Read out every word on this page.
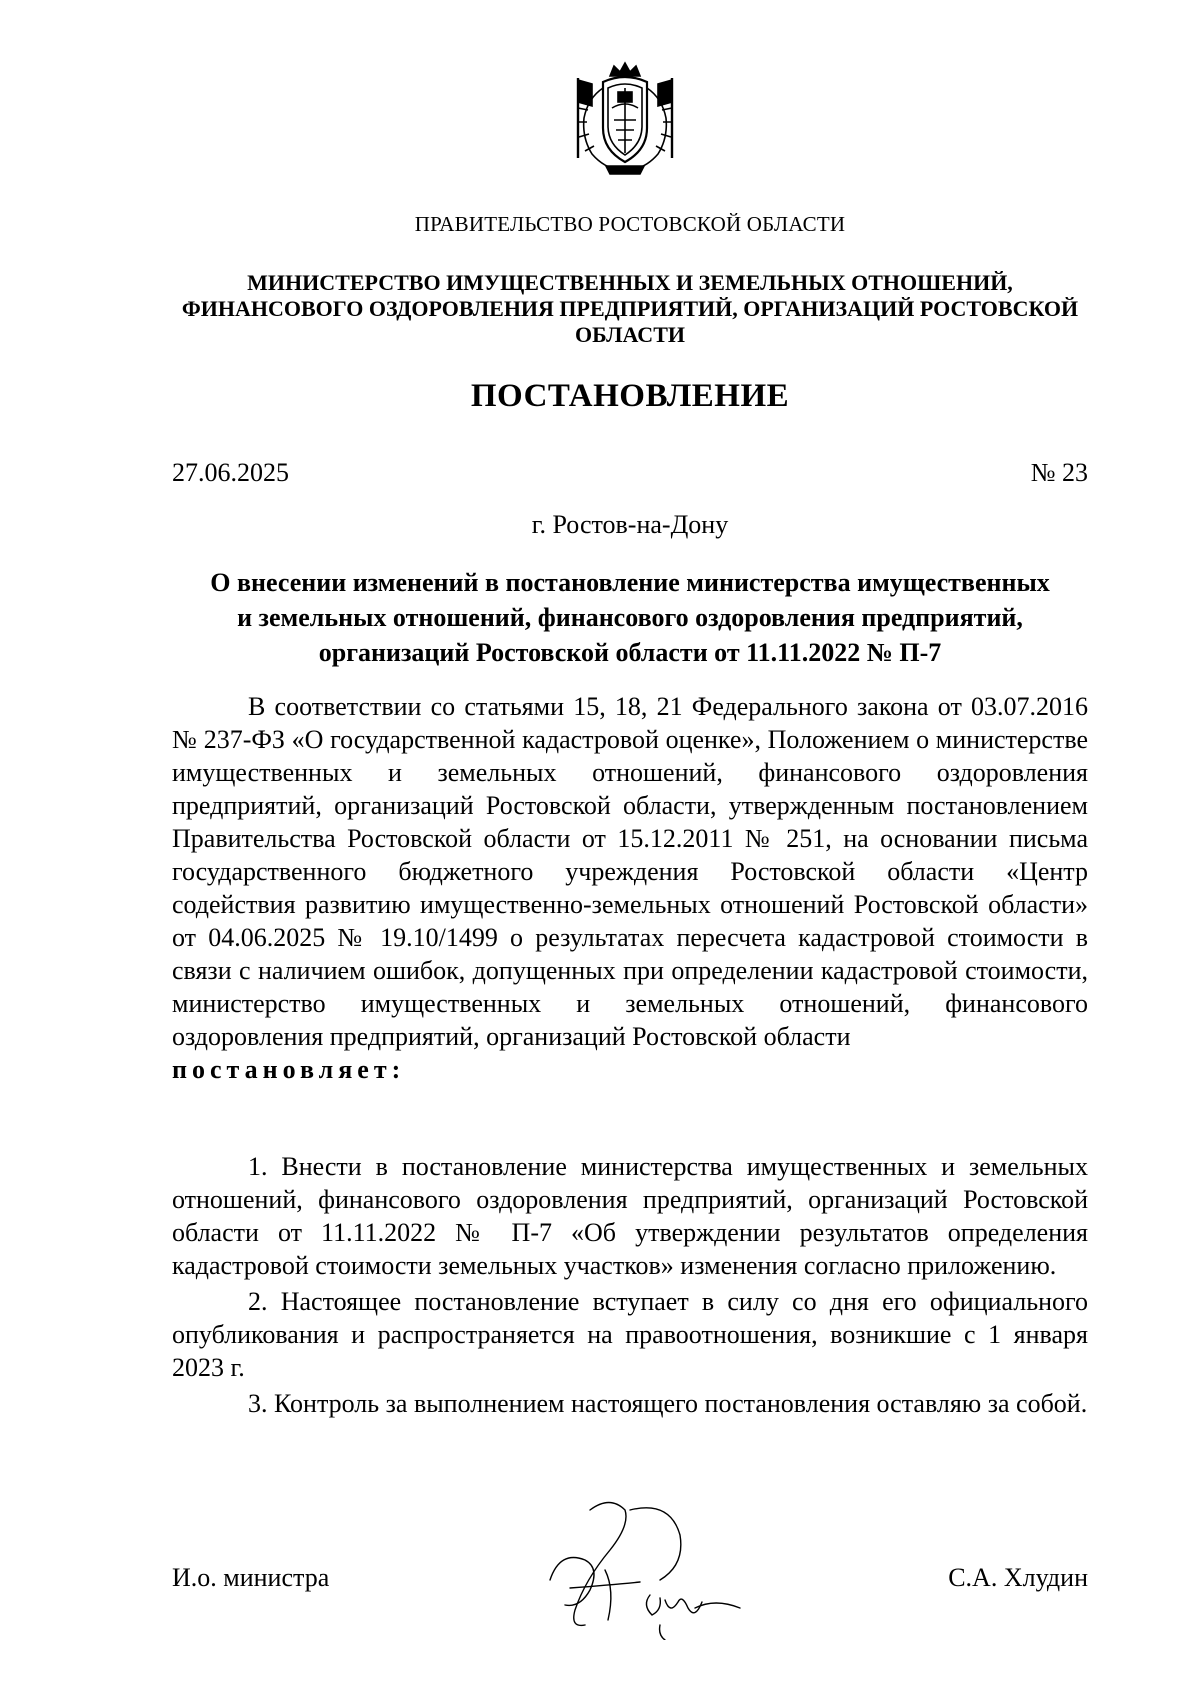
ПРАВИТЕЛЬСТВО РОСТОВСКОЙ ОБЛАСТИ
МИНИСТЕРСТВО ИМУЩЕСТВЕННЫХ И ЗЕМЕЛЬНЫХ ОТНОШЕНИЙ,
ФИНАНСОВОГО ОЗДОРОВЛЕНИЯ ПРЕДПРИЯТИЙ, ОРГАНИЗАЦИЙ РОСТОВСКОЙ
ОБЛАСТИ
ПОСТАНОВЛЕНИЕ
27.06.2025	№ 23
г. Ростов-на-Дону
О внесении изменений в постановление министерства имущественных
и земельных отношений, финансового оздоровления предприятий,
организаций Ростовской области от 11.11.2022 № П-7

В соответствии со статьями 15, 18, 21 Федерального закона от 03.07.2016 № 237-ФЗ «О государственной кадастровой оценке», Положением о министерстве имущественных и земельных отношений, финансового оздоровления предприятий, организаций Ростовской области, утвержденным постановлением Правительства Ростовской области от 15.12.2011 № 251, на основании письма государственного бюджетного учреждения Ростовской области «Центр содействия развитию имущественно-земельных отношений Ростовской области» от 04.06.2025 № 19.10/1499 о результатах пересчета кадастровой стоимости в связи с наличием ошибок, допущенных при определении кадастровой стоимости, министерство имущественных и земельных отношений, финансового оздоровления предприятий, организаций Ростовской области
постановляет:

1. Внести в постановление министерства имущественных и земельных отношений, финансового оздоровления предприятий, организаций Ростовской области от 11.11.2022 № П-7 «Об утверждении результатов определения кадастровой стоимости земельных участков» изменения согласно приложению.

2. Настоящее постановление вступает в силу со дня его официального опубликования и распространяется на правоотношения, возникшие с 1 января 2023 г.

3. Контроль за выполнением настоящего постановления оставляю за собой.

И.о. министра	С.А. Хлудин
